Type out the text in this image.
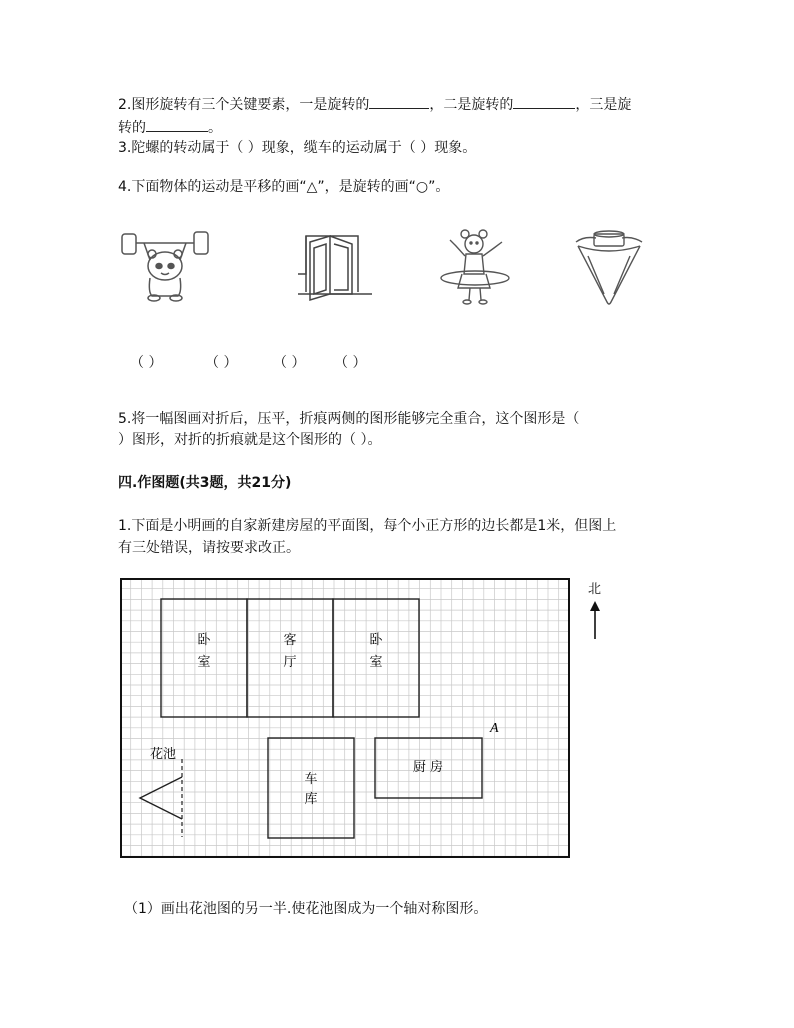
2.图形旋转有三个关键要素，一是旋转的	，二是旋转的	，三是旋
转的	。
3.陀螺的转动属于（ ）现象，缆车的运动属于（ ）现象。
4.下面物体的运动是平移的画“△”，是旋转的画“○”。
（ ）	（ ）	（ ） （ ）
5.将一幅图画对折后，压平，折痕两侧的图形能够完全重合，这个图形是（
）图形，对折的折痕就是这个图形的（ ）。
四.作图题(共3题，共21分)
1.下面是小明画的自家新建房屋的平面图，每个小正方形的边长都是1米，但图上
有三处错误，请按要求改正。
卧
室
客
厅
卧
室
车
库
厨 房
A
花池
北
（1）画出花池图的另一半.使花池图成为一个轴对称图形。
